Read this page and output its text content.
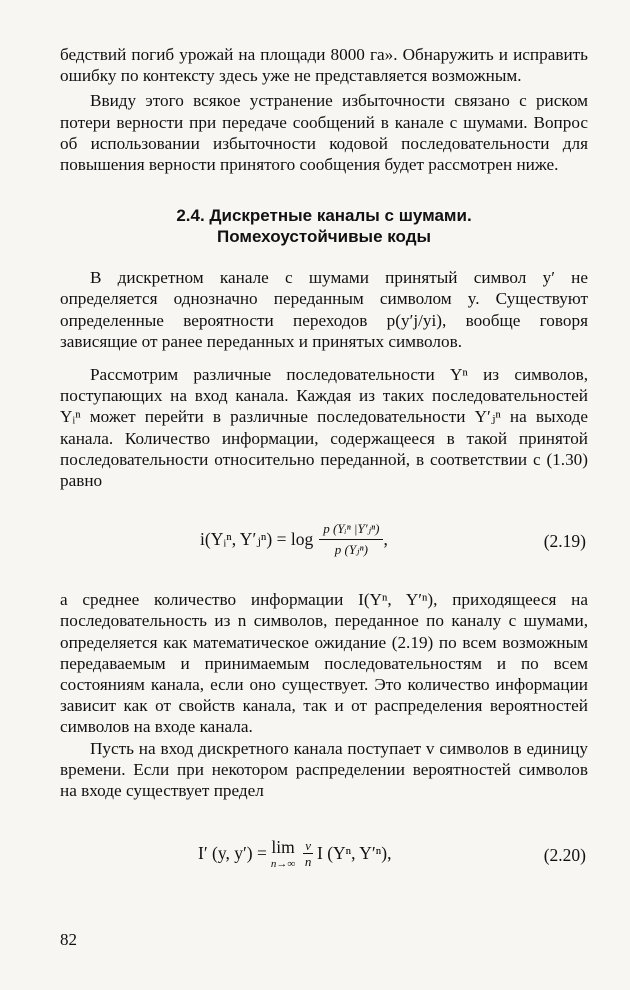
бедствий погиб урожай на площади 8000 га». Обнаружить и исправить ошибку по контексту здесь уже не представляется возможным.

Ввиду этого всякое устранение избыточности связано с риском потери верности при передаче сообщений в канале с шумами. Вопрос об использовании избыточности кодовой последовательности для повышения верности принятого сообщения будет рассмотрен ниже.

2.4. Дискретные каналы с шумами.
Помехоустойчивые коды

В дискретном канале с шумами принятый символ y′ не определяется однозначно переданным символом y. Существуют определенные вероятности переходов p(y′j/yi), вообще говоря зависящие от ранее переданных и принятых символов.

Рассмотрим различные последовательности Yⁿ из символов, поступающих на вход канала. Каждая из таких последовательностей Yᵢⁿ может перейти в различные последовательности Y′ⱼⁿ на выходе канала. Количество информации, содержащееся в такой принятой последовательности относительно переданной, в соответствии с (1.30) равно

i(Yᵢⁿ, Y′ⱼⁿ) = $\log \frac{\text{p (Yᵢⁿ |Y′ⱼⁿ)}}{\text{p (Yⱼⁿ)}}$ ,	(2.19)

а среднее количество информации I(Yⁿ, Y′ⁿ), приходящееся на последовательность из n символов, переданное по каналу с шумами, определяется как математическое ожидание (2.19) по всем возможным передаваемым и принимаемым последовательностям и по всем состояниям канала, если оно существует. Это количество информации зависит как от свойств канала, так и от распределения вероятностей символов на входе канала.

Пусть на вход дискретного канала поступает v символов в единицу времени. Если при некотором распределении вероятностей символов на входе существует предел

I′ (y, y′) = lim
$n\to\infty \frac{v}{n}$ I (Yⁿ, Y′ⁿ),	(2.20)
82
